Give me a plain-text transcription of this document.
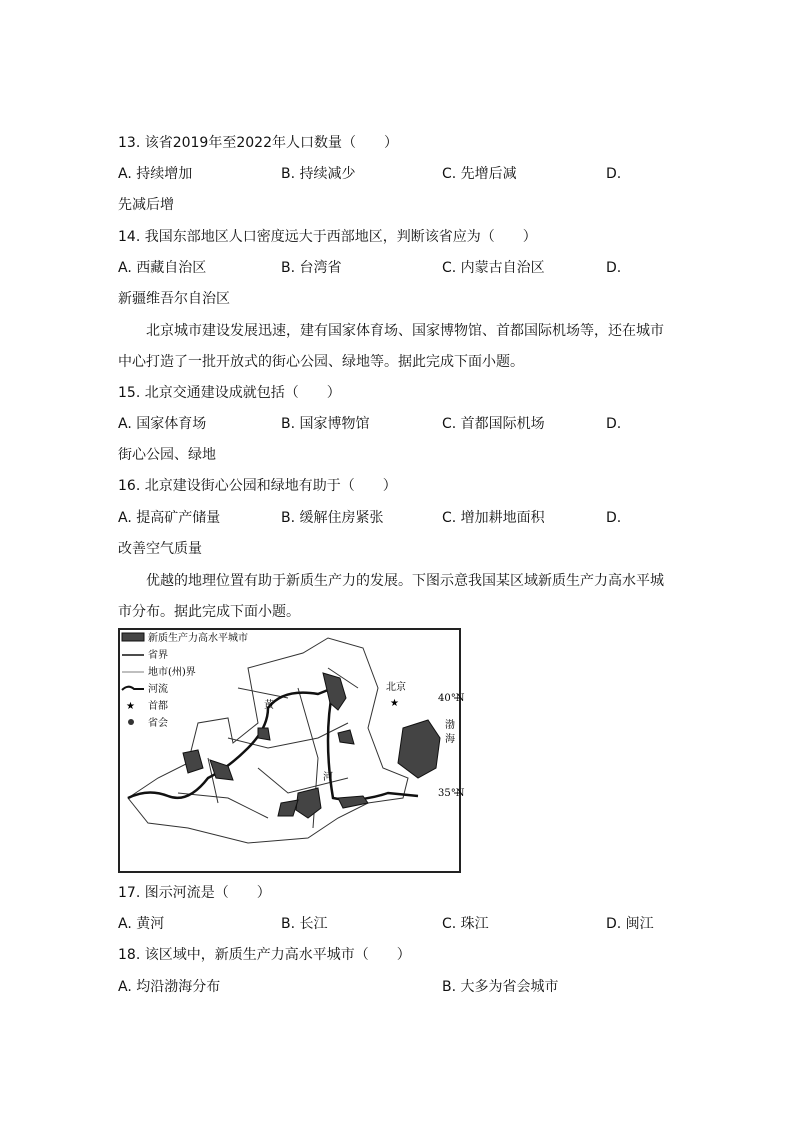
13. 该省2019年至2022年人口数量（　　）
A. 持续增加	B. 持续减少	C. 先增后减	D.
先减后增
14. 我国东部地区人口密度远大于西部地区，判断该省应为（　　）
A. 西藏自治区	B. 台湾省	C. 内蒙古自治区	D.
新疆维吾尔自治区
北京城市建设发展迅速，建有国家体育场、国家博物馆、首都国际机场等，还在城市
中心打造了一批开放式的街心公园、绿地等。据此完成下面小题。
15. 北京交通建设成就包括（　　）
A. 国家体育场	B. 国家博物馆	C. 首都国际机场	D.
街心公园、绿地
16. 北京建设街心公园和绿地有助于（　　）
A. 提高矿产储量	B. 缓解住房紧张	C. 增加耕地面积	D.
改善空气质量
优越的地理位置有助于新质生产力的发展。下图示意我国某区域新质生产力高水平城
市分布。据此完成下面小题。
新质生产力高水平城市
省界
地市(州)界
河流
★ 首都
省会
北京
★
黄
河
渤
海
40°N
35°N
17. 图示河流是（　　）
A. 黄河	B. 长江	C. 珠江	D. 闽江
18. 该区域中，新质生产力高水平城市（　　）
A. 均沿渤海分布	B. 大多为省会城市
